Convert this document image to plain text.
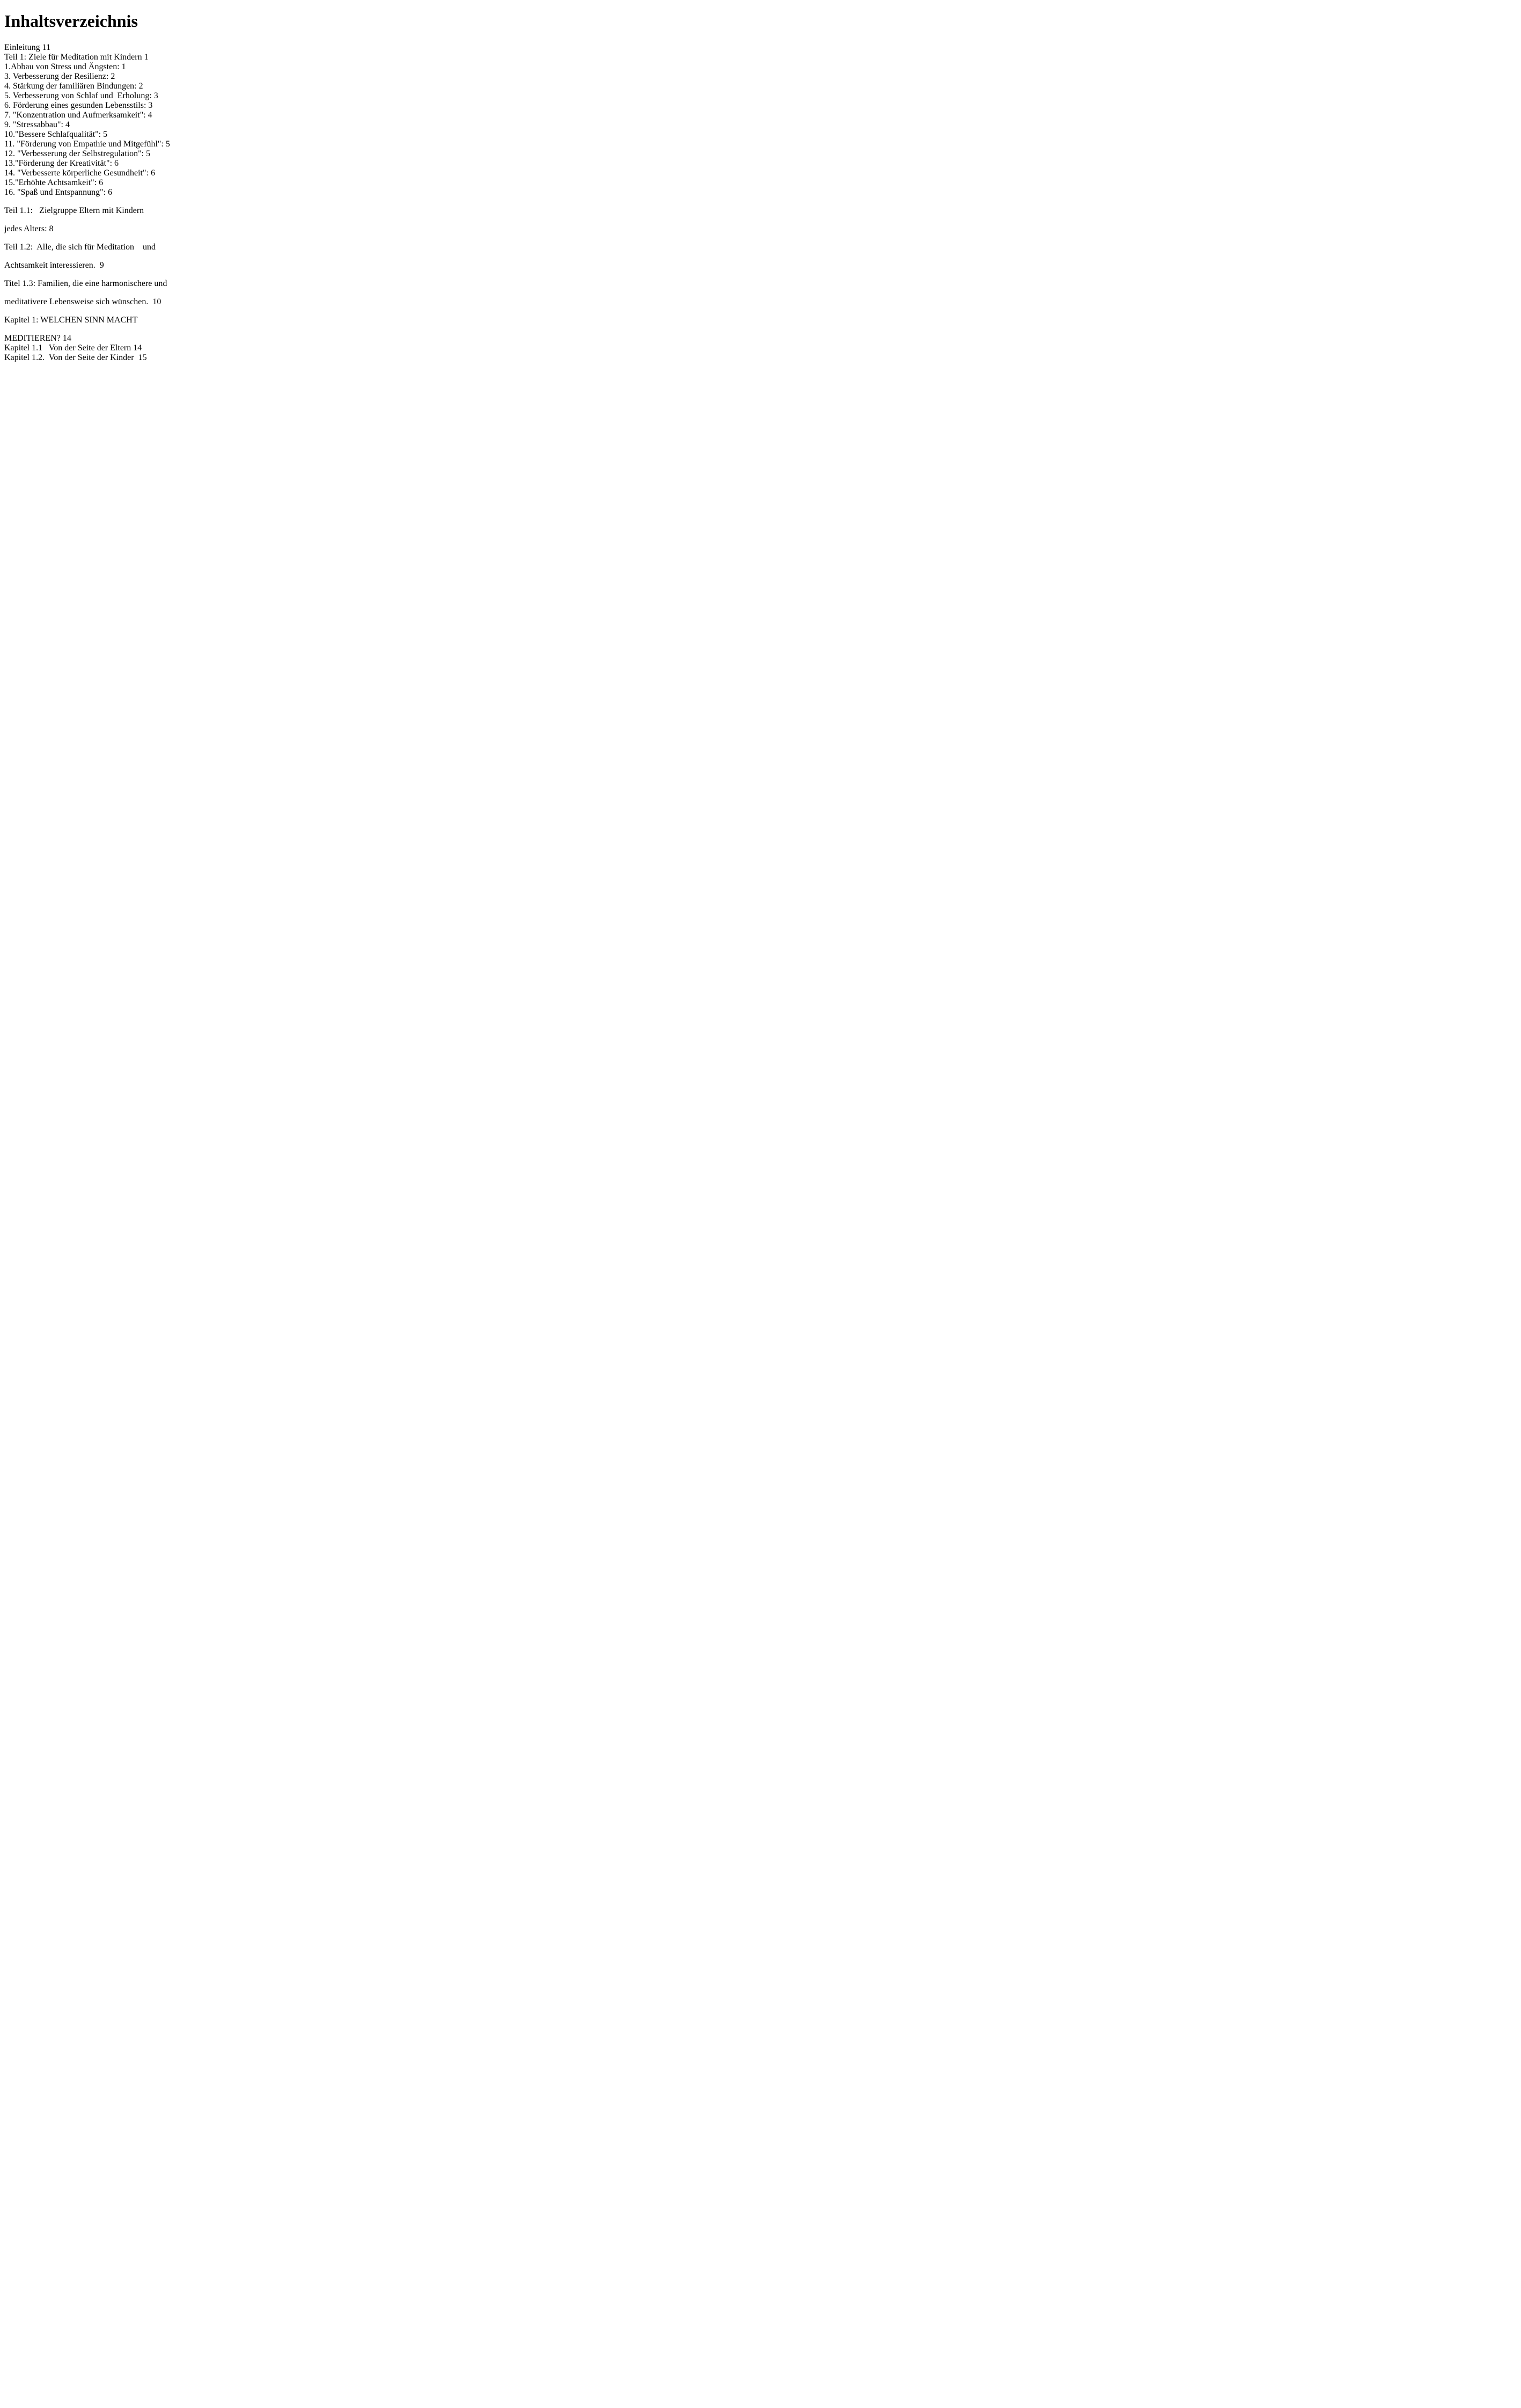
Inhaltsverzeichnis
Einleitung 11
Teil 1: Ziele für Meditation mit Kindern 1
1.Abbau von Stress und Ängsten: 1
3. Verbesserung der Resilienz: 2
4. Stärkung der familiären Bindungen: 2
5. Verbesserung von Schlaf und  Erholung: 3
6. Förderung eines gesunden Lebensstils: 3
7. "Konzentration und Aufmerksamkeit": 4
9. "Stressabbau": 4
10."Bessere Schlafqualität": 5
11. "Förderung von Empathie und Mitgefühl": 5
12. "Verbesserung der Selbstregulation": 5
13."Förderung der Kreativität": 6
14. "Verbesserte körperliche Gesundheit": 6
15."Erhöhte Achtsamkeit": 6
16. "Spaß und Entspannung": 6

Teil 1.1:   Zielgruppe Eltern mit Kindern

jedes Alters: 8

Teil 1.2:  Alle, die sich für Meditation    und

Achtsamkeit interessieren.  9

Titel 1.3: Familien, die eine harmonischere und

meditativere Lebensweise sich wünschen.  10

Kapitel 1: WELCHEN SINN MACHT

MEDITIEREN? 14
Kapitel 1.1   Von der Seite der Eltern 14
Kapitel 1.2.  Von der Seite der Kinder  15
